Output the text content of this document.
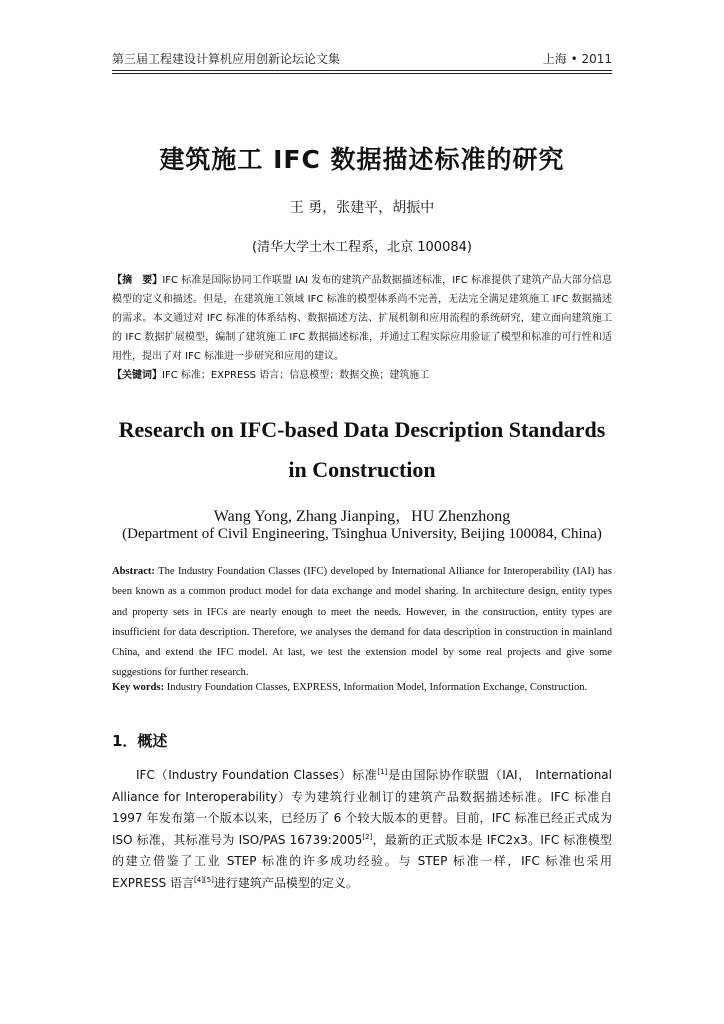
第三届工程建设计算机应用创新论坛论文集	上海 • 2011
建筑施工 IFC 数据描述标准的研究
王 勇，张建平，胡振中
(清华大学土木工程系，北京 100084)

【摘　要】IFC 标准是国际协同工作联盟 IAI 发布的建筑产品数据描述标准，IFC 标准提供了建筑产品大部分信息模型的定义和描述。但是，在建筑施工领域 IFC 标准的模型体系尚不完善，无法完全满足建筑施工 IFC 数据描述的需求。本文通过对 IFC 标准的体系结构、数据描述方法、扩展机制和应用流程的系统研究，建立面向建筑施工的 IFC 数据扩展模型，编制了建筑施工 IFC 数据描述标准，并通过工程实际应用验证了模型和标准的可行性和适用性，提出了对 IFC 标准进一步研究和应用的建议。

【关键词】IFC 标准；EXPRESS 语言；信息模型；数据交换；建筑施工

Research on IFC-based Data Description Standards
in Construction
Wang Yong, Zhang Jianping，HU Zhenzhong
(Department of Civil Engineering, Tsinghua University, Beijing 100084, China)

Abstract: The Industry Foundation Classes (IFC) developed by International Alliance for Interoperability (IAI) has been known as a common product model for data exchange and model sharing. In architecture design, entity types and property sets in IFCs are nearly enough to meet the needs. However, in the construction, entity types are insufficient for data description. Therefore, we analyses the demand for data description in construction in mainland China, and extend the IFC model. At last, we test the extension model by some real projects and give some suggestions for further research.

Key words: Industry Foundation Classes, EXPRESS, Information Model, Information Exchange, Construction.

1．概述

IFC（Industry Foundation Classes）标准[1]是由国际协作联盟（IAI， International Alliance for Interoperability）专为建筑行业制订的建筑产品数据描述标准。IFC 标准自 1997 年发布第一个版本以来，已经历了 6 个较大版本的更替。目前，IFC 标准已经正式成为 ISO 标准，其标准号为 ISO/PAS 16739:2005[2]，最新的正式版本是 IFC2x3。IFC 标准模型的建立借鉴了工业 STEP 标准的许多成功经验。与 STEP 标准一样，IFC 标准也采用 EXPRESS 语言[4][5]进行建筑产品模型的定义。
